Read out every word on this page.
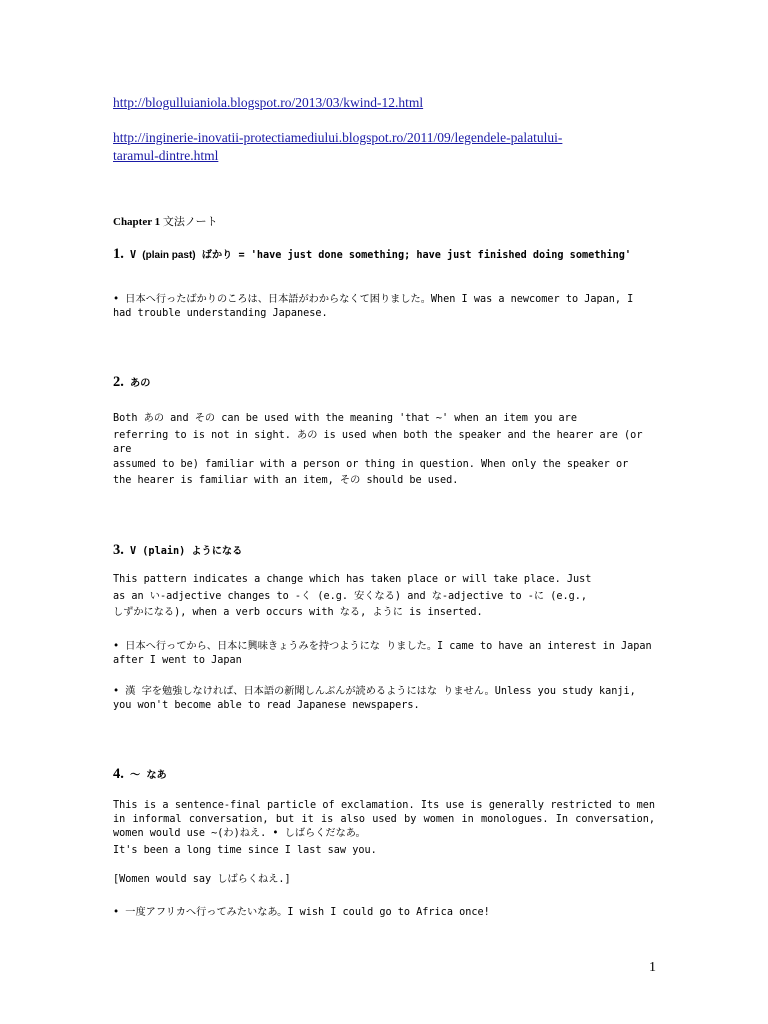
http://blogulluianiola.blogspot.ro/2013/03/kwind-12.html
http://inginerie-inovatii-protectiamediului.blogspot.ro/2011/09/legendele-palatului-
taramul-dintre.html
Chapter 1 文法ノート
1. V (plain past) ばかり = 'have just done something; have just finished doing something'
• 日本へ行ったばかりのころは、日本語がわからなくて困りました。When I was a newcomer to Japan, I had trouble understanding Japanese.
2. あの
Both あの and その can be used with the meaning 'that ~' when an item you are
referring to is not in sight. あの is used when both the speaker and the hearer are (or are
assumed to be) familiar with a person or thing in question. When only the speaker or
the hearer is familiar with an item, その should be used.
3. V (plain) ようになる
This pattern indicates a change which has taken place or will take place. Just
as an い-adjective changes to -く (e.g. 安くなる) and な-adjective to -に (e.g.,
しずかになる), when a verb occurs with なる, ように is inserted.
• 日本へ行ってから、日本に興味きょうみを持つようにな りました。I came to have an interest in Japan after I went to Japan
• 漢 字を勉強しなければ、日本語の新聞しんぶんが読めるようにはな りません。Unless you study kanji, you won't become able to read Japanese newspapers.
4. ～ なあ
This is a sentence-final particle of exclamation. Its use is generally restricted to men in informal conversation, but it is also used by women in monologues. In conversation, women would use ~(わ)ねえ. • しばらくだなあ。
It's been a long time since I last saw you.
[Women would say しばらくねえ.]
• 一度アフリカへ行ってみたいなあ。I wish I could go to Africa once!
1
